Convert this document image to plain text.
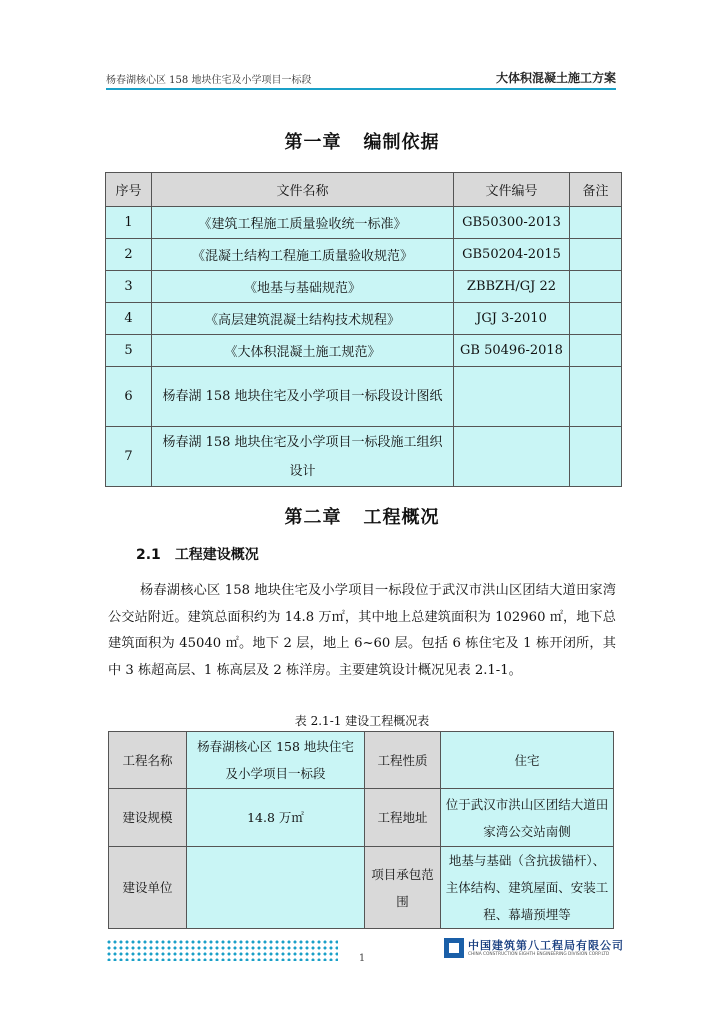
杨春湖核心区 158 地块住宅及小学项目一标段	大体积混凝土施工方案
第一章 编制依据
序号	文件名称	文件编号	备注
1	《建筑工程施工质量验收统一标准》	GB50300-2013	
2	《混凝土结构工程施工质量验收规范》	GB50204-2015	
3	《地基与基础规范》	ZBBZH/GJ 22	
4	《高层建筑混凝土结构技术规程》	JGJ 3-2010	
5	《大体积混凝土施工规范》	GB 50496-2018	
6	杨春湖 158 地块住宅及小学项目一标段设计图纸		
7	杨春湖 158 地块住宅及小学项目一标段施工组织设计		
第二章 工程概况
2.1 工程建设概况

杨春湖核心区 158 地块住宅及小学项目一标段位于武汉市洪山区团结大道田家湾公交站附近。建筑总面积约为 14.8 万㎡，其中地上总建筑面积为 102960 ㎡，地下总建筑面积为 45040 ㎡。地下 2 层，地上 6~60 层。包括 6 栋住宅及 1 栋开闭所，其中 3 栋超高层、1 栋高层及 2 栋洋房。主要建筑设计概况见表 2.1-1。

表 2.1-1 建设工程概况表
工程名称	杨春湖核心区 158 地块住宅及小学项目一标段	工程性质	住宅
建设规模	14.8 万㎡	工程地址	位于武汉市洪山区团结大道田家湾公交站南侧
建设单位		项目承包范围	地基与基础（含抗拔锚杆）、主体结构、建筑屋面、安装工程、幕墙预埋等
中国建筑第八工程局有限公司
CHINA CONSTRUCTION EIGHTH ENGINEERING DIVISION CORP.LTD
1
